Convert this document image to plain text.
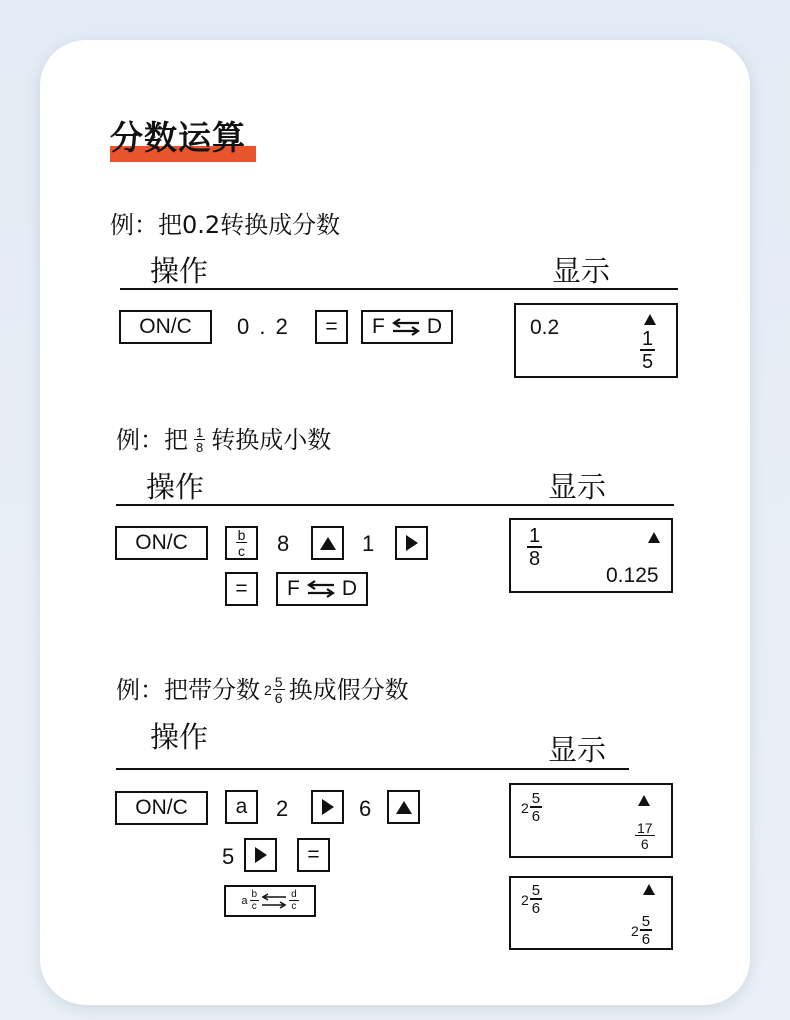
分数运算
例：把0.2转换成分数
操作	显示
ON/C	0 . 2	=	F D	0.2
$\frac{1}{5}$
例： 把 $\frac{1}{8}$ 转换成小数
操作	显示
ON/C	$\frac{b}{c} 8$	1
=	F D
$\frac{1}{8}$
0.125
例： 把带分数 $2 \frac{5}{6}$ 换成假分数
操作	显示
ON/C	a	2	6
5	=
a $\frac{b}{c}$	$\frac{d}{c}$
$2 \frac{5}{6}$
$\frac{17}{6}$
$2 \frac{5}{6}$
$2 \frac{5}{6}$
